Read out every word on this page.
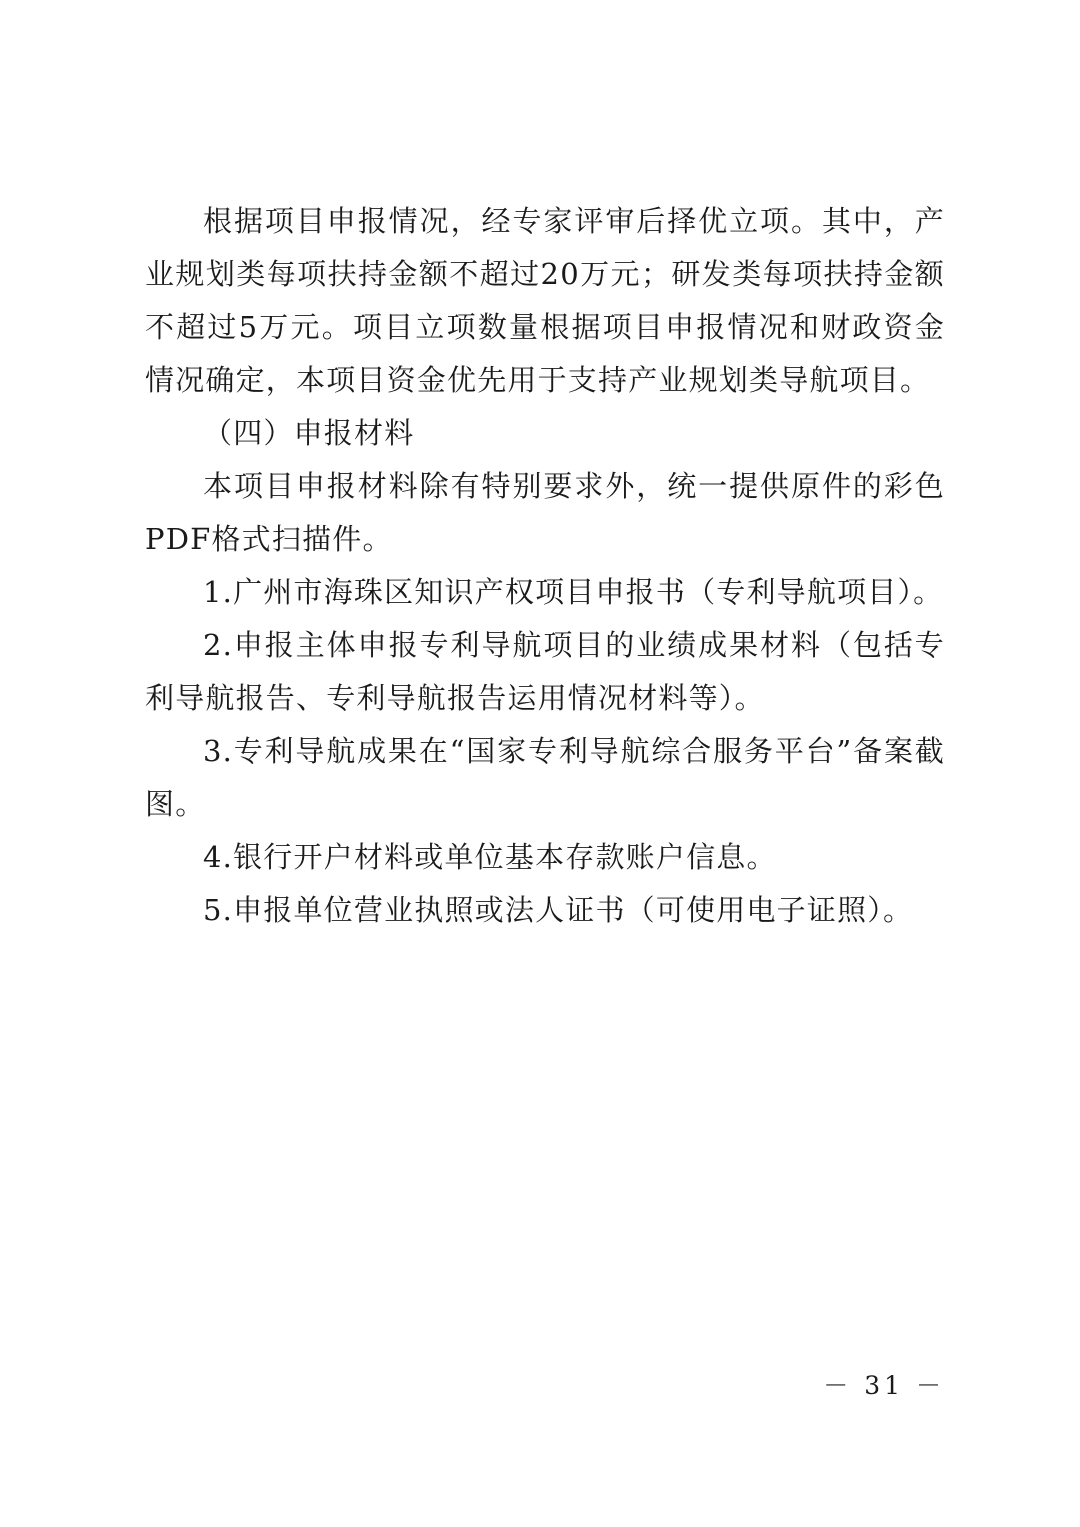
根据项目申报情况，经专家评审后择优立项。其中，产业规划类每项扶持金额不超过20万元；研发类每项扶持金额不超过5万元。项目立项数量根据项目申报情况和财政资金情况确定，本项目资金优先用于支持产业规划类导航项目。

（四）申报材料

本项目申报材料除有特别要求外，统一提供原件的彩色PDF格式扫描件。

1.广州市海珠区知识产权项目申报书（专利导航项目）。

2.申报主体申报专利导航项目的业绩成果材料（包括专利导航报告、专利导航报告运用情况材料等）。

3.专利导航成果在“国家专利导航综合服务平台”备案截图。

4.银行开户材料或单位基本存款账户信息。

5.申报单位营业执照或法人证书（可使用电子证照）。

－ 31 －
